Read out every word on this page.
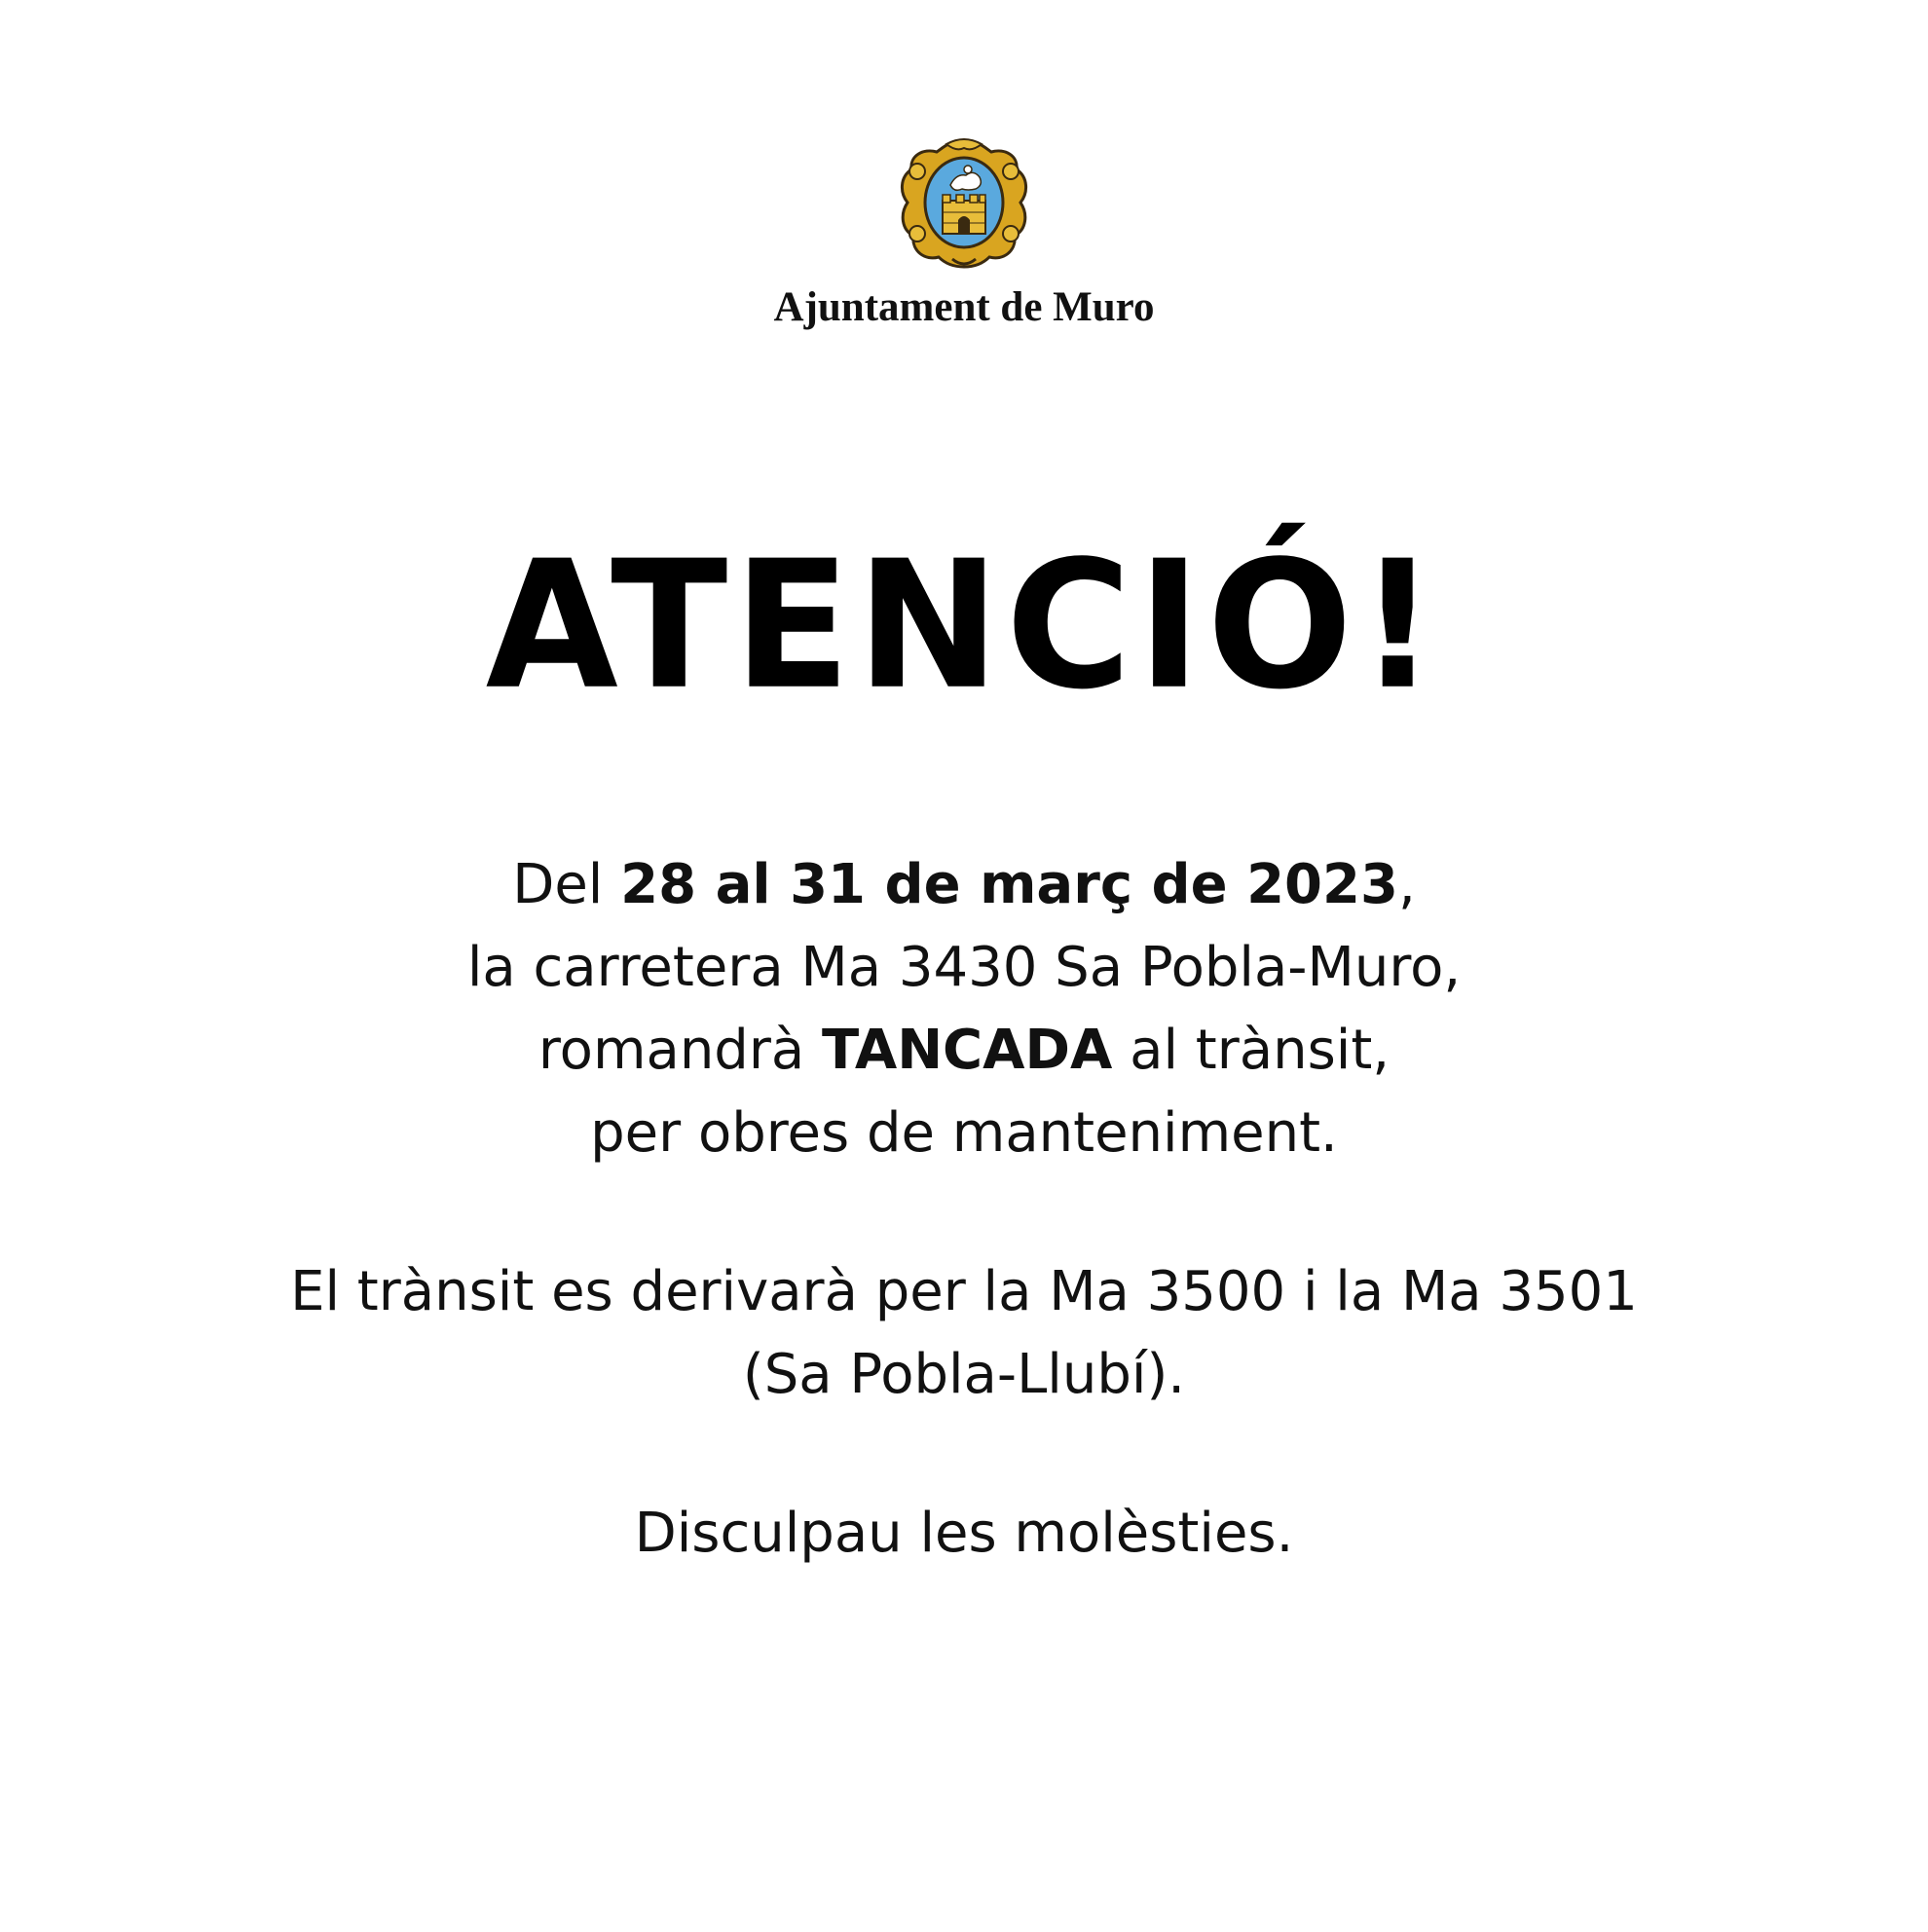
Ajuntament de Muro
ATENCIÓ!
Del 28 al 31 de març de 2023,
la carretera Ma 3430 Sa Pobla-Muro,
romandrà TANCADA al trànsit,
per obres de manteniment.
El trànsit es derivarà per la Ma 3500 i la Ma 3501
(Sa Pobla-Llubí).
Disculpau les molèsties.
